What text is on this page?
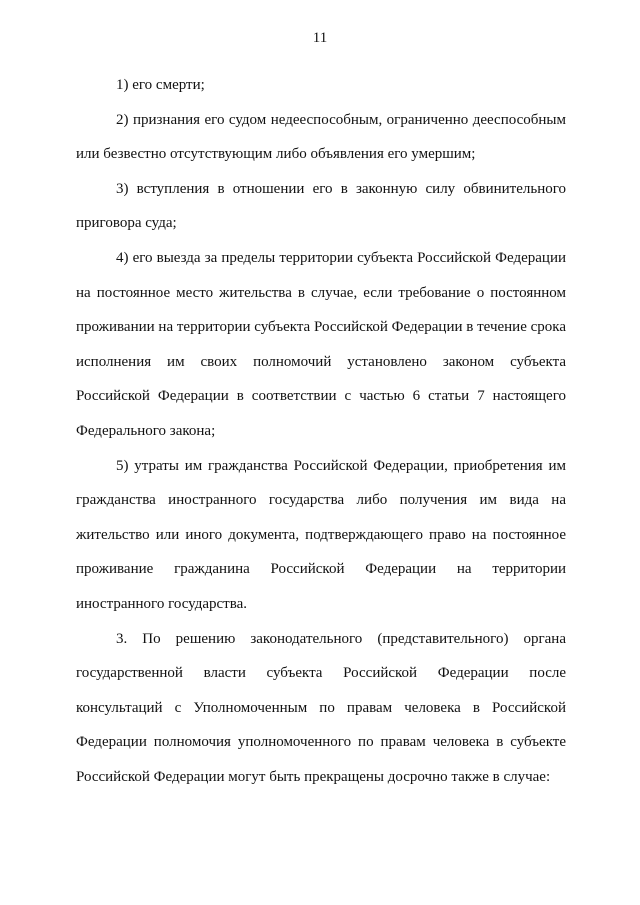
11

1) его смерти;

2) признания его судом недееспособным, ограниченно дееспособным или безвестно отсутствующим либо объявления его умершим;

3) вступления в отношении его в законную силу обвинительного приговора суда;

4) его выезда за пределы территории субъекта Российской Федерации на постоянное место жительства в случае, если требование о постоянном проживании на территории субъекта Российской Федерации в течение срока исполнения им своих полномочий установлено законом субъекта Российской Федерации в соответствии с частью 6 статьи 7 настоящего Федерального закона;

5) утраты им гражданства Российской Федерации, приобретения им гражданства иностранного государства либо получения им вида на жительство или иного документа, подтверждающего право на постоянное проживание гражданина Российской Федерации на территории иностранного государства.

3. По решению законодательного (представительного) органа государственной власти субъекта Российской Федерации после консультаций с Уполномоченным по правам человека в Российской Федерации полномочия уполномоченного по правам человека в субъекте Российской Федерации могут быть прекращены досрочно также в случае:
